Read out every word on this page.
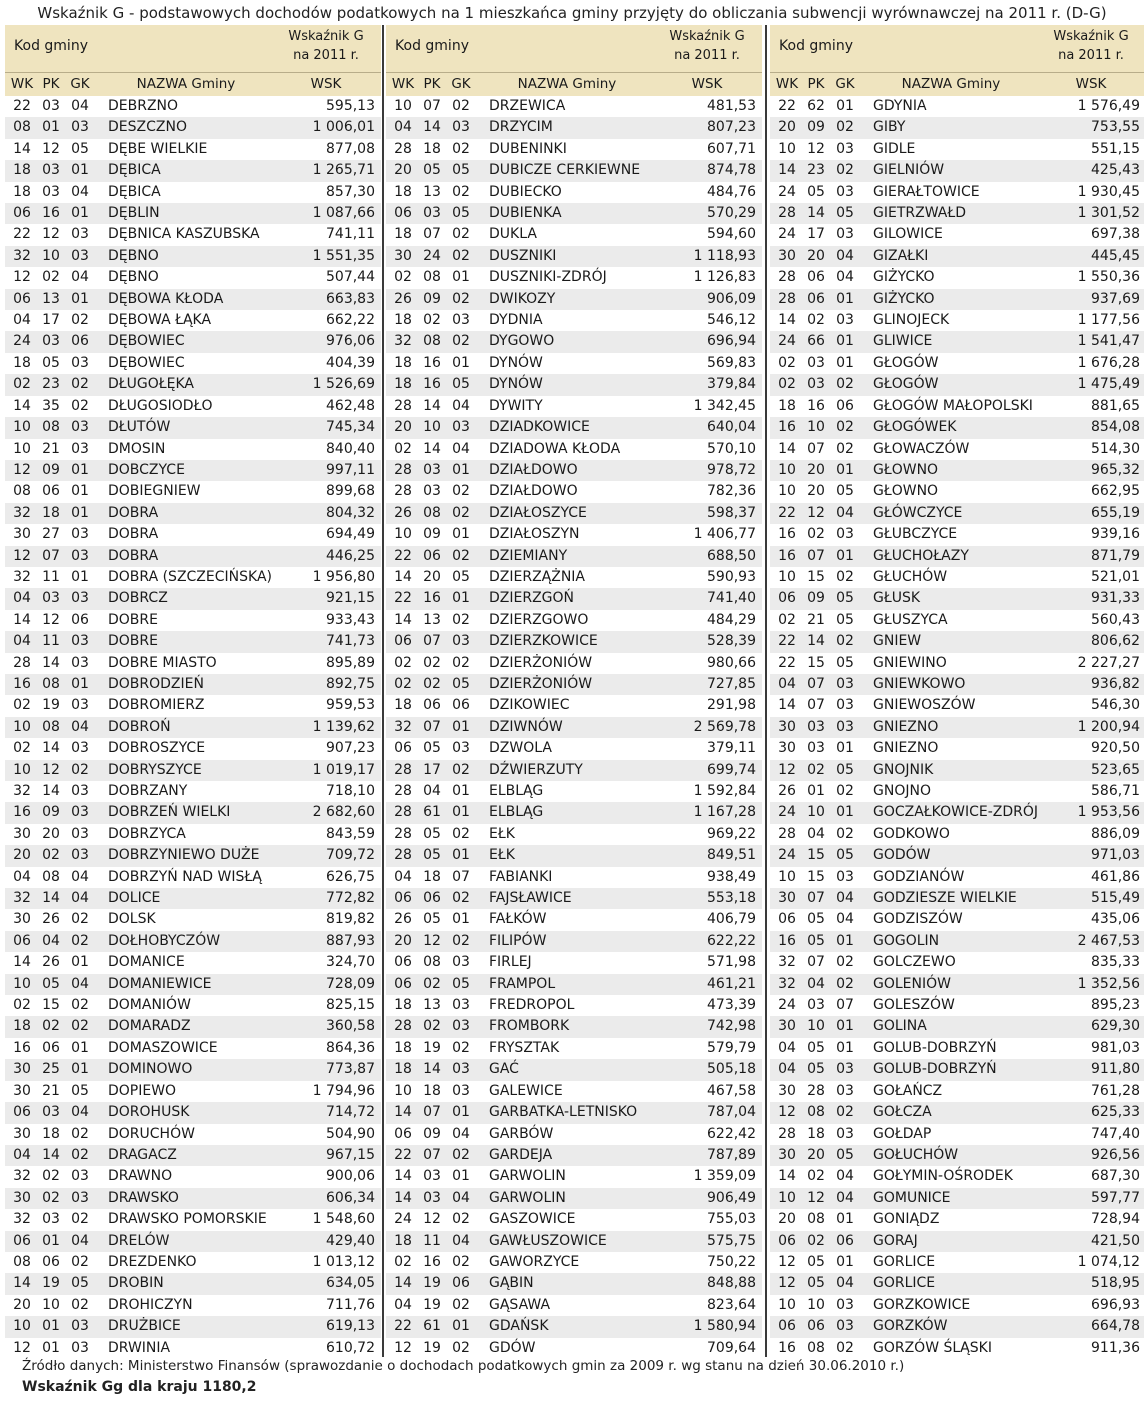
Wskaźnik G - podstawowych dochodów podatkowych na 1 mieszkańca gminy przyjęty do obliczania subwencji wyrównawczej na 2011 r. (D-G)
Kod gminy
Wskaźnik G
na 2011 r.
WK PK GK	NAZWA Gminy	WSK
22 03 04 DEBRZNO	595,13
08 01 03 DESZCZNO	1 006,01
14 12 05 DĘBE WIELKIE	877,08
18 03 01 DĘBICA	1 265,71
18 03 04 DĘBICA	857,30
06 16 01 DĘBLIN	1 087,66
22 12 03 DĘBNICA KASZUBSKA	741,11
32 10 03 DĘBNO	1 551,35
12 02 04 DĘBNO	507,44
06 13 01 DĘBOWA KŁODA	663,83
04 17 02 DĘBOWA ŁĄKA	662,22
24 03 06 DĘBOWIEC	976,06
18 05 03 DĘBOWIEC	404,39
02 23 02 DŁUGOŁĘKA	1 526,69
14 35 02 DŁUGOSIODŁO	462,48
10 08 03 DŁUTÓW	745,34
10 21 03 DMOSIN	840,40
12 09 01 DOBCZYCE	997,11
08 06 01 DOBIEGNIEW	899,68
32 18 01 DOBRA	804,32
30 27 03 DOBRA	694,49
12 07 03 DOBRA	446,25
32 11 01 DOBRA (SZCZECIŃSKA)	1 956,80
04 03 03 DOBRCZ	921,15
14 12 06 DOBRE	933,43
04 11 03 DOBRE	741,73
28 14 03 DOBRE MIASTO	895,89
16 08 01 DOBRODZIEŃ	892,75
02 19 03 DOBROMIERZ	959,53
10 08 04 DOBROŃ	1 139,62
02 14 03 DOBROSZYCE	907,23
10 12 02 DOBRYSZYCE	1 019,17
32 14 03 DOBRZANY	718,10
16 09 03 DOBRZEŃ WIELKI	2 682,60
30 20 03 DOBRZYCA	843,59
20 02 03 DOBRZYNIEWO DUŻE	709,72
04 08 04 DOBRZYŃ NAD WISŁĄ	626,75
32 14 04 DOLICE	772,82
30 26 02 DOLSK	819,82
06 04 02 DOŁHOBYCZÓW	887,93
14 26 01 DOMANICE	324,70
10 05 04 DOMANIEWICE	728,09
02 15 02 DOMANIÓW	825,15
18 02 02 DOMARADZ	360,58
16 06 01 DOMASZOWICE	864,36
30 25 01 DOMINOWO	773,87
30 21 05 DOPIEWO	1 794,96
06 03 04 DOROHUSK	714,72
30 18 02 DORUCHÓW	504,90
04 14 02 DRAGACZ	967,15
32 02 03 DRAWNO	900,06
30 02 03 DRAWSKO	606,34
32 03 02 DRAWSKO POMORSKIE	1 548,60
06 01 04 DRELÓW	429,40
08 06 02 DREZDENKO	1 013,12
14 19 05 DROBIN	634,05
20 10 02 DROHICZYN	711,76
10 01 03 DRUŻBICE	619,13
12 01 03 DRWINIA	610,72
Kod gminy
Wskaźnik G
na 2011 r.
WK PK GK	NAZWA Gminy	WSK
10 07 02 DRZEWICA	481,53
04 14 03 DRZYCIM	807,23
28 18 02 DUBENINKI	607,71
20 05 05 DUBICZE CERKIEWNE	874,78
18 13 02 DUBIECKO	484,76
06 03 05 DUBIENKA	570,29
18 07 02 DUKLA	594,60
30 24 02 DUSZNIKI	1 118,93
02 08 01 DUSZNIKI-ZDRÓJ	1 126,83
26 09 02 DWIKOZY	906,09
18 02 03 DYDNIA	546,12
32 08 02 DYGOWO	696,94
18 16 01 DYNÓW	569,83
18 16 05 DYNÓW	379,84
28 14 04 DYWITY	1 342,45
20 10 03 DZIADKOWICE	640,04
02 14 04 DZIADOWA KŁODA	570,10
28 03 01 DZIAŁDOWO	978,72
28 03 02 DZIAŁDOWO	782,36
26 08 02 DZIAŁOSZYCE	598,37
10 09 01 DZIAŁOSZYN	1 406,77
22 06 02 DZIEMIANY	688,50
14 20 05 DZIERZĄŻNIA	590,93
22 16 01 DZIERZGOŃ	741,40
14 13 02 DZIERZGOWO	484,29
06 07 03 DZIERZKOWICE	528,39
02 02 02 DZIERŻONIÓW	980,66
02 02 05 DZIERŻONIÓW	727,85
18 06 06 DZIKOWIEC	291,98
32 07 01 DZIWNÓW	2 569,78
06 05 03 DZWOLA	379,11
28 17 02 DŹWIERZUTY	699,74
28 04 01 ELBLĄG	1 592,84
28 61 01 ELBLĄG	1 167,28
28 05 02 EŁK	969,22
28 05 01 EŁK	849,51
04 18 07 FABIANKI	938,49
06 06 02 FAJSŁAWICE	553,18
26 05 01 FAŁKÓW	406,79
20 12 02 FILIPÓW	622,22
06 08 03 FIRLEJ	571,98
06 02 05 FRAMPOL	461,21
18 13 03 FREDROPOL	473,39
28 02 03 FROMBORK	742,98
18 19 02 FRYSZTAK	579,79
18 14 03 GAĆ	505,18
10 18 03 GALEWICE	467,58
14 07 01 GARBATKA-LETNISKO	787,04
06 09 04 GARBÓW	622,42
22 07 02 GARDEJA	787,89
14 03 01 GARWOLIN	1 359,09
14 03 04 GARWOLIN	906,49
24 12 02 GASZOWICE	755,03
18 11 04 GAWŁUSZOWICE	575,75
02 16 02 GAWORZYCE	750,22
14 19 06 GĄBIN	848,88
04 19 02 GĄSAWA	823,64
22 61 01 GDAŃSK	1 580,94
12 19 02 GDÓW	709,64
Kod gminy
Wskaźnik G
na 2011 r.
WK PK GK	NAZWA Gminy	WSK
22 62 01 GDYNIA	1 576,49
20 09 02 GIBY	753,55
10 12 03 GIDLE	551,15
14 23 02 GIELNIÓW	425,43
24 05 03 GIERAŁTOWICE	1 930,45
28 14 05 GIETRZWAŁD	1 301,52
24 17 03 GILOWICE	697,38
30 20 04 GIZAŁKI	445,45
28 06 04 GIŻYCKO	1 550,36
28 06 01 GIŻYCKO	937,69
14 02 03 GLINOJECK	1 177,56
24 66 01 GLIWICE	1 541,47
02 03 01 GŁOGÓW	1 676,28
02 03 02 GŁOGÓW	1 475,49
18 16 06 GŁOGÓW MAŁOPOLSKI	881,65
16 10 02 GŁOGÓWEK	854,08
14 07 02 GŁOWACZÓW	514,30
10 20 01 GŁOWNO	965,32
10 20 05 GŁOWNO	662,95
22 12 04 GŁÓWCZYCE	655,19
16 02 03 GŁUBCZYCE	939,16
16 07 01 GŁUCHOŁAZY	871,79
10 15 02 GŁUCHÓW	521,01
06 09 05 GŁUSK	931,33
02 21 05 GŁUSZYCA	560,43
22 14 02 GNIEW	806,62
22 15 05 GNIEWINO	2 227,27
04 07 03 GNIEWKOWO	936,82
14 07 03 GNIEWOSZÓW	546,30
30 03 03 GNIEZNO	1 200,94
30 03 01 GNIEZNO	920,50
12 02 05 GNOJNIK	523,65
26 01 02 GNOJNO	586,71
24 10 01 GOCZAŁKOWICE-ZDRÓJ	1 953,56
28 04 02 GODKOWO	886,09
24 15 05 GODÓW	971,03
10 15 03 GODZIANÓW	461,86
30 07 04 GODZIESZE WIELKIE	515,49
06 05 04 GODZISZÓW	435,06
16 05 01 GOGOLIN	2 467,53
32 07 02 GOLCZEWO	835,33
32 04 02 GOLENIÓW	1 352,56
24 03 07 GOLESZÓW	895,23
30 10 01 GOLINA	629,30
04 05 01 GOLUB-DOBRZYŃ	981,03
04 05 03 GOLUB-DOBRZYŃ	911,80
30 28 03 GOŁAŃCZ	761,28
12 08 02 GOŁCZA	625,33
28 18 03 GOŁDAP	747,40
30 20 05 GOŁUCHÓW	926,56
14 02 04 GOŁYMIN-OŚRODEK	687,30
10 12 04 GOMUNICE	597,77
20 08 01 GONIĄDZ	728,94
06 02 06 GORAJ	421,50
12 05 01 GORLICE	1 074,12
12 05 04 GORLICE	518,95
10 10 03 GORZKOWICE	696,93
06 06 03 GORZKÓW	664,78
16 08 02 GORZÓW ŚLĄSKI	911,36
Źródło danych: Ministerstwo Finansów (sprawozdanie o dochodach podatkowych gmin za 2009 r. wg stanu na dzień 30.06.2010 r.)
Wskaźnik Gg dla kraju 1180,2
